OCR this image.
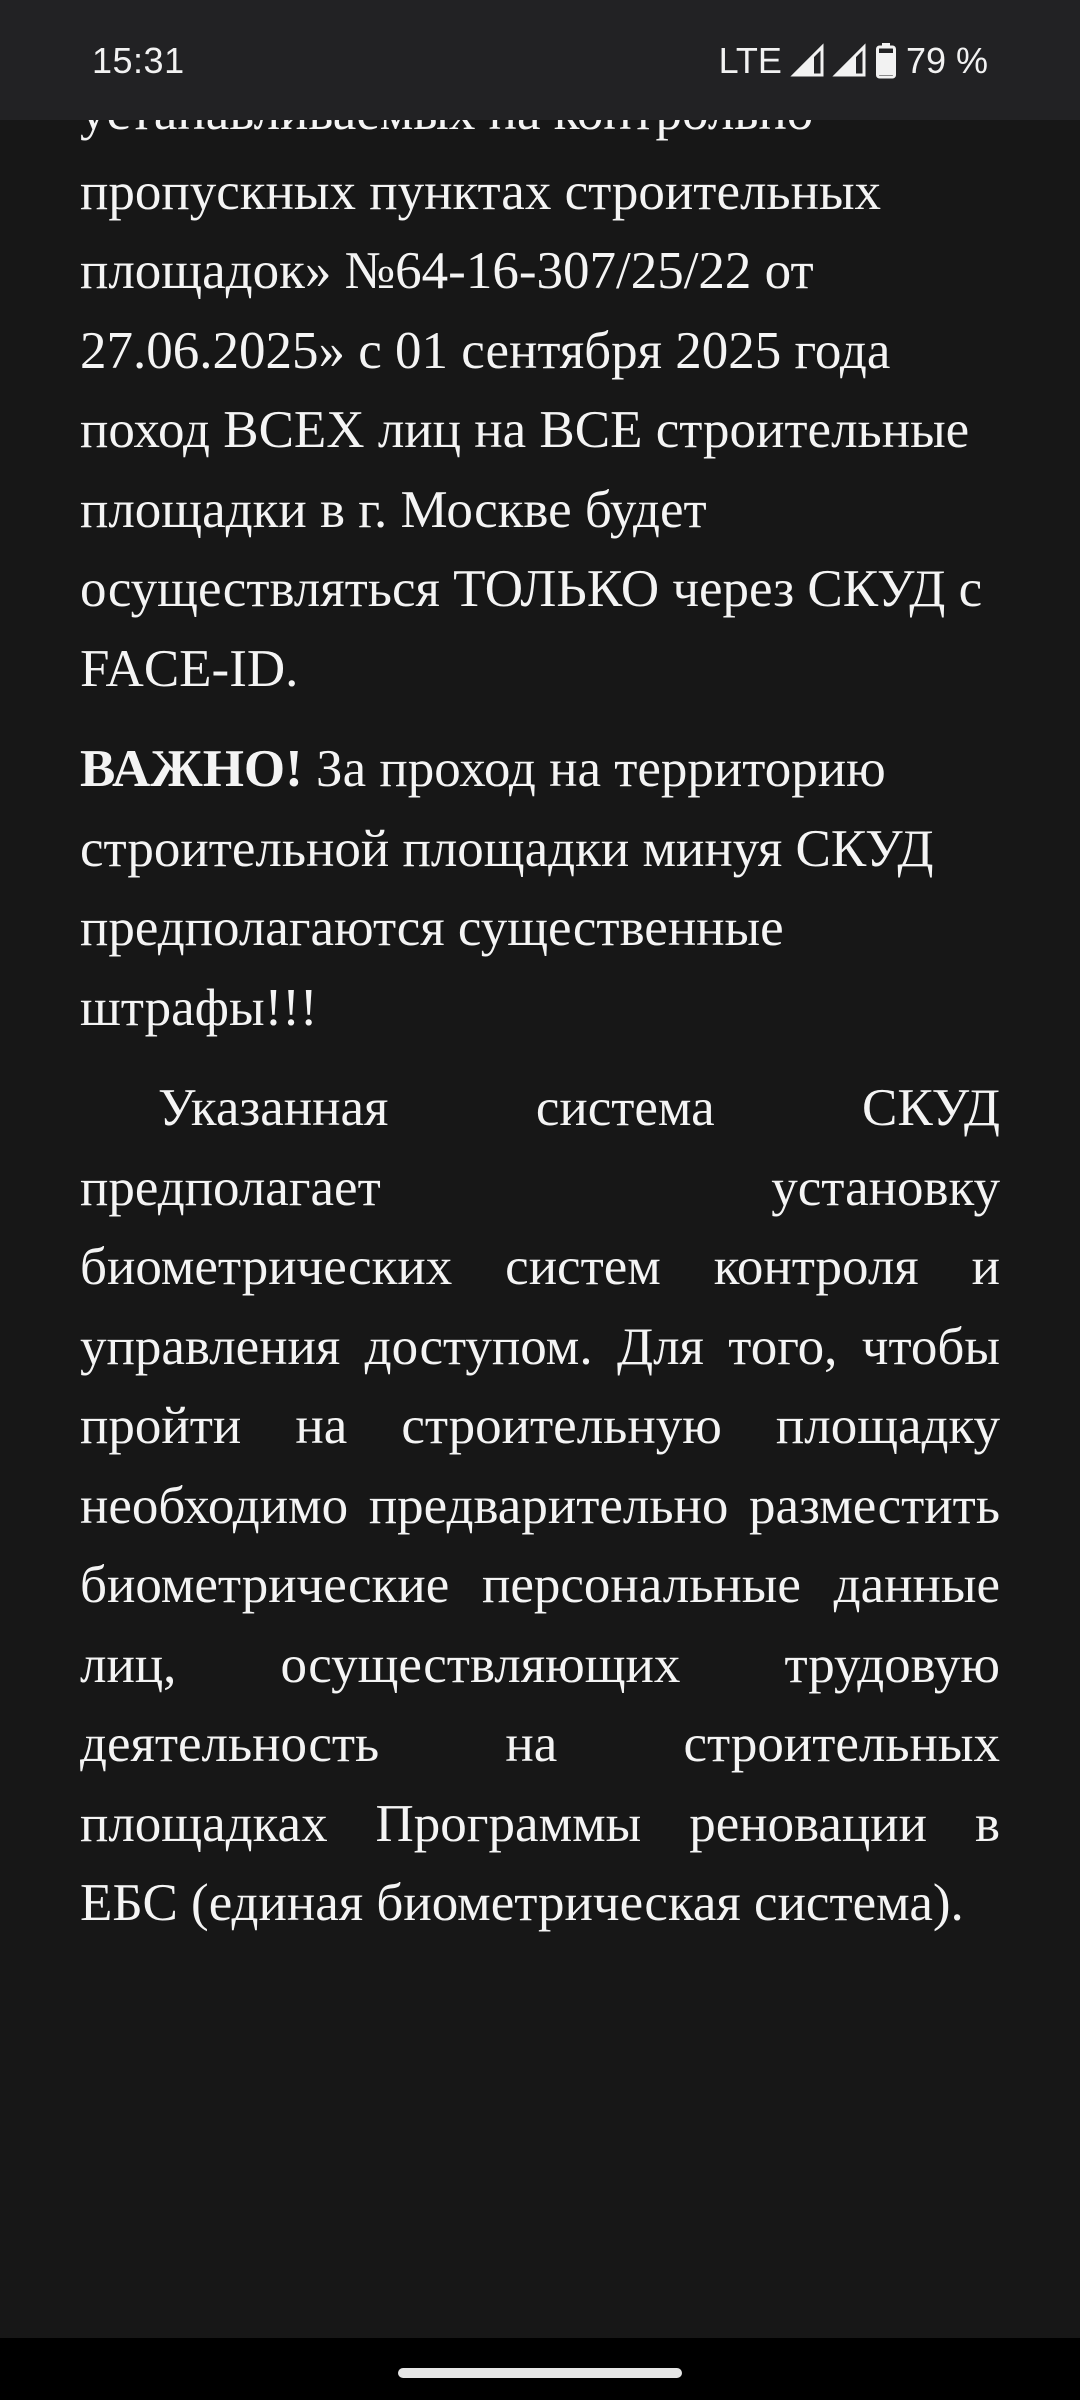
15:31	LTE	79 %

пропускных пунктах строительных площадок» №64-16-307/25/22 от 27.06.2025» с 01 сентября 2025 года поход ВСЕХ лиц на ВСЕ строительные площадки в г. Москве будет осуществляться ТОЛЬКО через СКУД с FACE-ID.

ВАЖНО! За проход на территорию строительной площадки минуя СКУД предполагаются существенные штрафы!!!

Указанная система СКУД предполагает установку биометрических систем контроля и управления доступом. Для того, чтобы пройти на строительную площадку необходимо предварительно разместить биометрические персональные данные лиц, осуществляющих трудовую деятельность на строительных площадках Программы реновации в ЕБС (единая биометрическая система).
